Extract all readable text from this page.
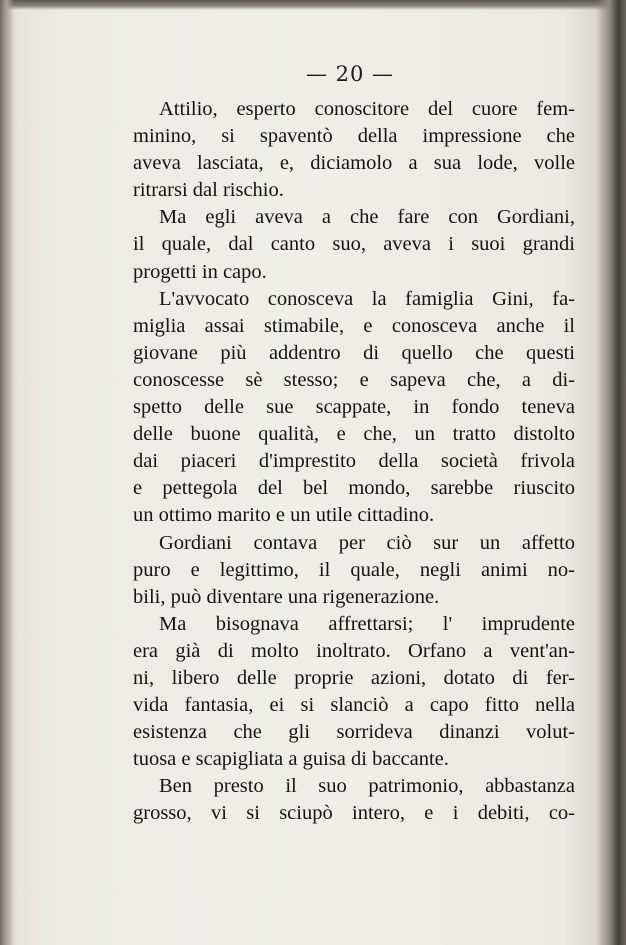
— 20 —
Attilio, esperto conoscitore del cuore fem-
minino, si spaventò della impressione che
aveva lasciata, e, diciamolo a sua lode, volle
ritrarsi dal rischio.
Ma egli aveva a che fare con Gordiani,
il quale, dal canto suo, aveva i suoi grandi
progetti in capo.
L'avvocato conosceva la famiglia Gini, fa-
miglia assai stimabile, e conosceva anche il
giovane più addentro di quello che questi
conoscesse sè stesso; e sapeva che, a di-
spetto delle sue scappate, in fondo teneva
delle buone qualità, e che, un tratto distolto
dai piaceri d'imprestito della società frivola
e pettegola del bel mondo, sarebbe riuscito
un ottimo marito e un utile cittadino.
Gordiani contava per ciò sur un affetto
puro e legittimo, il quale, negli animi no-
bili, può diventare una rigenerazione.
Ma bisognava affrettarsi; l' imprudente
era già di molto inoltrato. Orfano a vent'an-
ni, libero delle proprie azioni, dotato di fer-
vida fantasia, ei si slanciò a capo fitto nella
esistenza che gli sorrideva dinanzi volut-
tuosa e scapigliata a guisa di baccante.
Ben presto il suo patrimonio, abbastanza
grosso, vi si sciupò intero, e i debiti, co-
